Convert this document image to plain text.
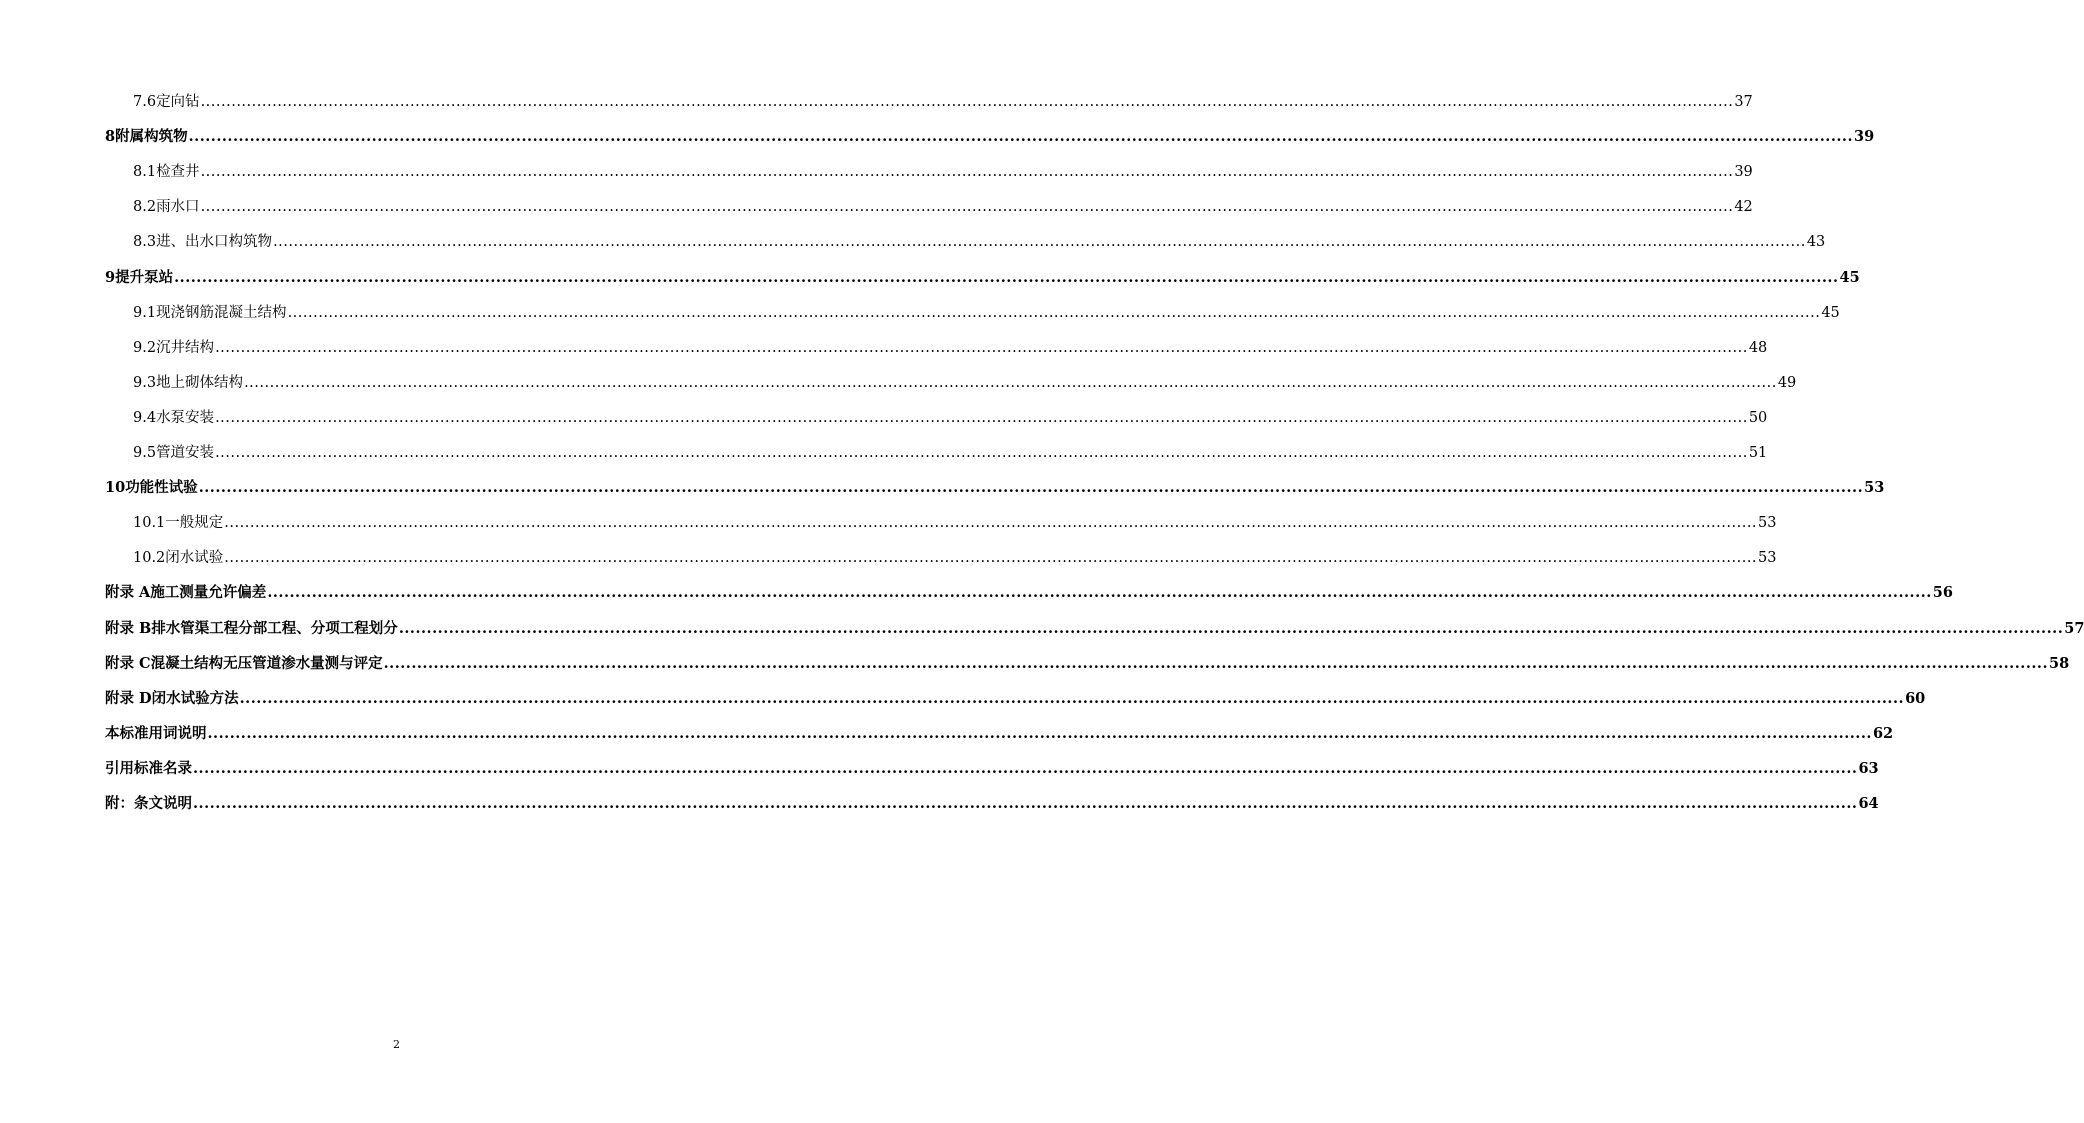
7.6 定向钻 ............................................................................................................................................................................................................................................................................................................ 37
8 附属构筑物 ............................................................................................................................................................................................................................................................................................................ 39
8.1 检查井 ............................................................................................................................................................................................................................................................................................................ 39
8.2 雨水口 ............................................................................................................................................................................................................................................................................................................ 42
8.3 进、出水口构筑物 ............................................................................................................................................................................................................................................................................................................ 43
9 提升泵站 ............................................................................................................................................................................................................................................................................................................ 45
9.1 现浇钢筋混凝土结构 ............................................................................................................................................................................................................................................................................................................ 45
9.2 沉井结构 ............................................................................................................................................................................................................................................................................................................ 48
9.3 地上砌体结构 ............................................................................................................................................................................................................................................................................................................ 49
9.4 水泵安装 ............................................................................................................................................................................................................................................................................................................ 50
9.5 管道安装 ............................................................................................................................................................................................................................................................................................................ 51
10 功能性试验 ............................................................................................................................................................................................................................................................................................................ 53
10.1 一般规定 ............................................................................................................................................................................................................................................................................................................ 53
10.2 闭水试验 ............................................................................................................................................................................................................................................................................................................ 53
附录 A 施工测量允许偏差 ............................................................................................................................................................................................................................................................................................................ 56
附录 B 排水管渠工程分部工程、分项工程划分 ............................................................................................................................................................................................................................................................................................................ 57
附录 C 混凝土结构无压管道渗水量测与评定 ............................................................................................................................................................................................................................................................................................................ 58
附录 D 闭水试验方法 ............................................................................................................................................................................................................................................................................................................ 60
本标准用词说明 ............................................................................................................................................................................................................................................................................................................ 62
引用标准名录 ............................................................................................................................................................................................................................................................................................................ 63
附：条文说明 ............................................................................................................................................................................................................................................................................................................ 64
2
